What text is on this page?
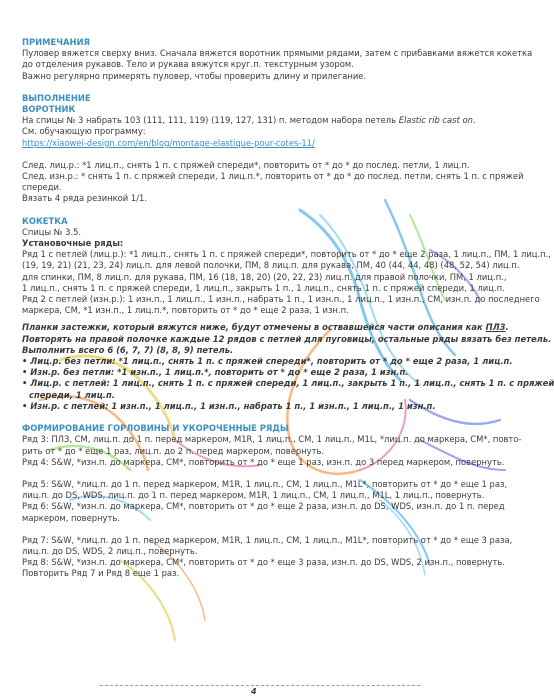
ПРИМЕЧАНИЯ
Пуловер вяжется сверху вниз. Сначала вяжется воротник прямыми рядами, затем с прибавками вяжется кокетка
до отделения рукавов. Тело и рукава вяжутся круг.п. текстурным узором.
Важно регулярно примерять пуловер, чтобы проверить длину и прилегание.
ВЫПОЛНЕНИЕ
ВОРОТНИК
На спицы № 3 набрать 103 (111, 111, 119) (119, 127, 131) п. методом набора петель Elastic rib cast on.
См. обучающую программу:
https://xiaowei-design.com/en/blog/montage-elastique-pour-cotes-11/
След. лиц.р.: *1 лиц.п., снять 1 п. с пряжей спереди*, повторить от * до * до послед. петли, 1 лиц.п.
След. изн.р.: * снять 1 п. с пряжей спереди, 1 лиц.п.*, повторить от * до * до послед. петли, снять 1 п. с пряжей
спереди.
Вязать 4 ряда резинкой 1/1.
КОКЕТКА
Спицы № 3.5.
Установочные ряды:
Ряд 1 с петлей (лиц.р.): *1 лиц.п., снять 1 п. с пряжей спереди*, повторить от * до * еще 2 раза, 1 лиц.п., ПМ, 1 лиц.п.,
(19, 19, 21) (21, 23, 24) лиц.п. для левой полочки, ПМ, 8 лиц.п. для рукава, ПМ, 40 (44, 44, 48) (48, 52, 54) лиц.п.
для спинки, ПМ, 8 лиц.п. для рукава, ПМ, 16 (18, 18, 20) (20, 22, 23) лиц.п. для правой полочки, ПМ, 1 лиц.п.,
1 лиц.п., снять 1 п. с пряжей спереди, 1 лиц.п., закрыть 1 п., 1 лиц.п., снять 1 п. с пряжей спереди, 1 лиц.п.
Ряд 2 с петлей (изн.р.): 1 изн.п., 1 лиц.п., 1 изн.п., набрать 1 п., 1 изн.п., 1 лиц.п., 1 изн.п., СМ, изн.п. до последнего
маркера, СМ, *1 изн.п., 1 лиц.п.*, повторить от * до * еще 2 раза, 1 изн.п.
Планки застежки, который вяжутся ниже, будут отмечены в оствавшейся части описания как ПЛЗ.
Повторять на правой полочке каждые 12 рядов с петлей для пуговицы, остальные ряды вязать без петель.
Выполнить всего 6 (6, 7, 7) (8, 8, 9) петель.
• Лиц.р. без петли: *1 лиц.п., снять 1 п. с пряжей спереди*, повторить от * до * еще 2 раза, 1 лиц.п.
• Изн.р. без петли: *1 изн.п., 1 лиц.п.*, повторить от * до * еще 2 раза, 1 изн.п.
• Лиц.р. с петлей: 1 лиц.п., снять 1 п. с пряжей спереди, 1 лиц.п., закрыть 1 п., 1 лиц.п., снять 1 п. с пряжей
спереди, 1 лиц.п.
• Изн.р. с петлей: 1 изн.п., 1 лиц.п., 1 изн.п., набрать 1 п., 1 изн.п., 1 лиц.п., 1 изн.п.
ФОРМИРОВАНИЕ ГОРЛОВИНЫ И УКОРОЧЕННЫЕ РЯДЫ
Ряд 3: ПЛЗ, СМ, лиц.п. до 1 п. перед маркером, M1R, 1 лиц.п., СМ, 1 лиц.п., M1L, *лиц.п. до маркера, СМ*, повто-
рить от * до * еще 1 раз, лиц.п. до 2 п. перед маркером, повернуть.
Ряд 4: S&W, *изн.п. до маркера, СМ*, повторить от * до * еще 1 раз, изн.п. до 3 перед маркером, повернуть.
Ряд 5: S&W, *лиц.п. до 1 п. перед маркером, M1R, 1 лиц.п., СМ, 1 лиц.п., M1L*, повторить от * до * еще 1 раз,
лиц.п. до DS, WDS, лиц.п. до 1 п. перед маркером, M1R, 1 лиц.п., СМ, 1 лиц.п., M1L, 1 лиц.п., повернуть.
Ряд 6: S&W, *изн.п. до маркера, СМ*, повторить от * до * еще 2 раза, изн.п. до DS, WDS, изн.п. до 1 п. перед
маркером, повернуть.
Ряд 7: S&W, *лиц.п. до 1 п. перед маркером, M1R, 1 лиц.п., СМ, 1 лиц.п., M1L*, повторить от * до * еще 3 раза,
лиц.п. до DS, WDS, 2 лиц.п., повернуть.
Ряд 8: S&W, *изн.п. до маркера, СМ*, повторить от * до * еще 3 раза, изн.п. до DS, WDS, 2 изн.п., повернуть.
Повторить Ряд 7 и Ряд 8 еще 1 раз.
4
